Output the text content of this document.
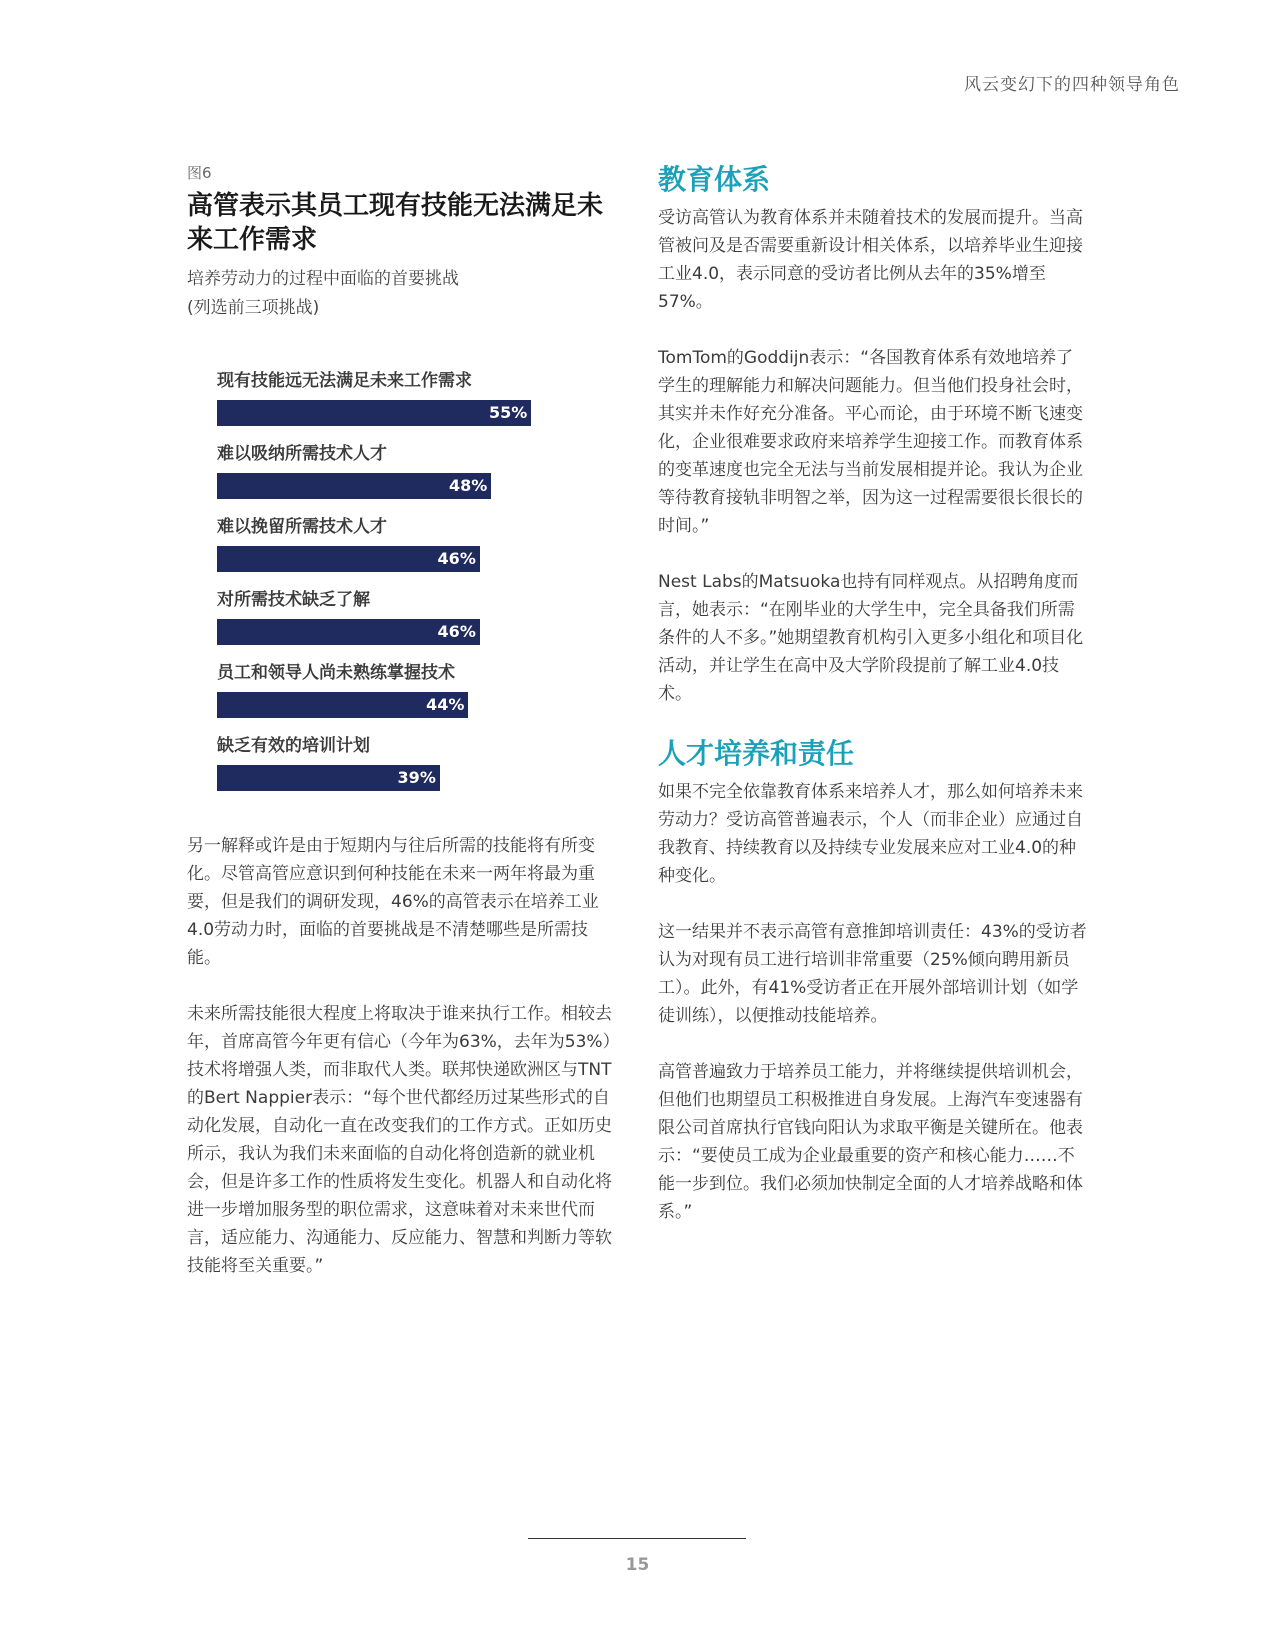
风云变幻下的四种领导角色

图6

高管表示其员工现有技能无法满足未来工作需求

培养劳动力的过程中面临的首要挑战

(列选前三项挑战)

现有技能远无法满足未来工作需求
55%
难以吸纳所需技术人才
48%
难以挽留所需技术人才
46%
对所需技术缺乏了解
46%
员工和领导人尚未熟练掌握技术
44%
缺乏有效的培训计划
39%

另一解释或许是由于短期内与往后所需的技能将有所变化。尽管高管应意识到何种技能在未来一两年将最为重要，但是我们的调研发现，46%的高管表示在培养工业4.0劳动力时，面临的首要挑战是不清楚哪些是所需技能。

未来所需技能很大程度上将取决于谁来执行工作。相较去年，首席高管今年更有信心（今年为63%，去年为53%）技术将增强人类，而非取代人类。联邦快递欧洲区与TNT的Bert Nappier表示：“每个世代都经历过某些形式的自动化发展，自动化一直在改变我们的工作方式。正如历史所示，我认为我们未来面临的自动化将创造新的就业机会，但是许多工作的性质将发生变化。机器人和自动化将进一步增加服务型的职位需求，这意味着对未来世代而言，适应能力、沟通能力、反应能力、智慧和判断力等软技能将至关重要。”

教育体系

受访高管认为教育体系并未随着技术的发展而提升。当高管被问及是否需要重新设计相关体系，以培养毕业生迎接工业4.0，表示同意的受访者比例从去年的35%增至57%。

TomTom的Goddijn表示：“各国教育体系有效地培养了学生的理解能力和解决问题能力。但当他们投身社会时，其实并未作好充分准备。平心而论，由于环境不断飞速变化，企业很难要求政府来培养学生迎接工作。而教育体系的变革速度也完全无法与当前发展相提并论。我认为企业等待教育接轨非明智之举，因为这一过程需要很长很长的时间。”

Nest Labs的Matsuoka也持有同样观点。从招聘角度而言，她表示：“在刚毕业的大学生中，完全具备我们所需条件的人不多。”她期望教育机构引入更多小组化和项目化活动，并让学生在高中及大学阶段提前了解工业4.0技术。

人才培养和责任

如果不完全依靠教育体系来培养人才，那么如何培养未来劳动力？受访高管普遍表示，个人（而非企业）应通过自我教育、持续教育以及持续专业发展来应对工业4.0的种种变化。

这一结果并不表示高管有意推卸培训责任：43%的受访者认为对现有员工进行培训非常重要（25%倾向聘用新员工）。此外，有41%受访者正在开展外部培训计划（如学徒训练），以便推动技能培养。

高管普遍致力于培养员工能力，并将继续提供培训机会，但他们也期望员工积极推进自身发展。上海汽车变速器有限公司首席执行官钱向阳认为求取平衡是关键所在。他表示：“要使员工成为企业最重要的资产和核心能力……不能一步到位。我们必须加快制定全面的人才培养战略和体系。”

15
